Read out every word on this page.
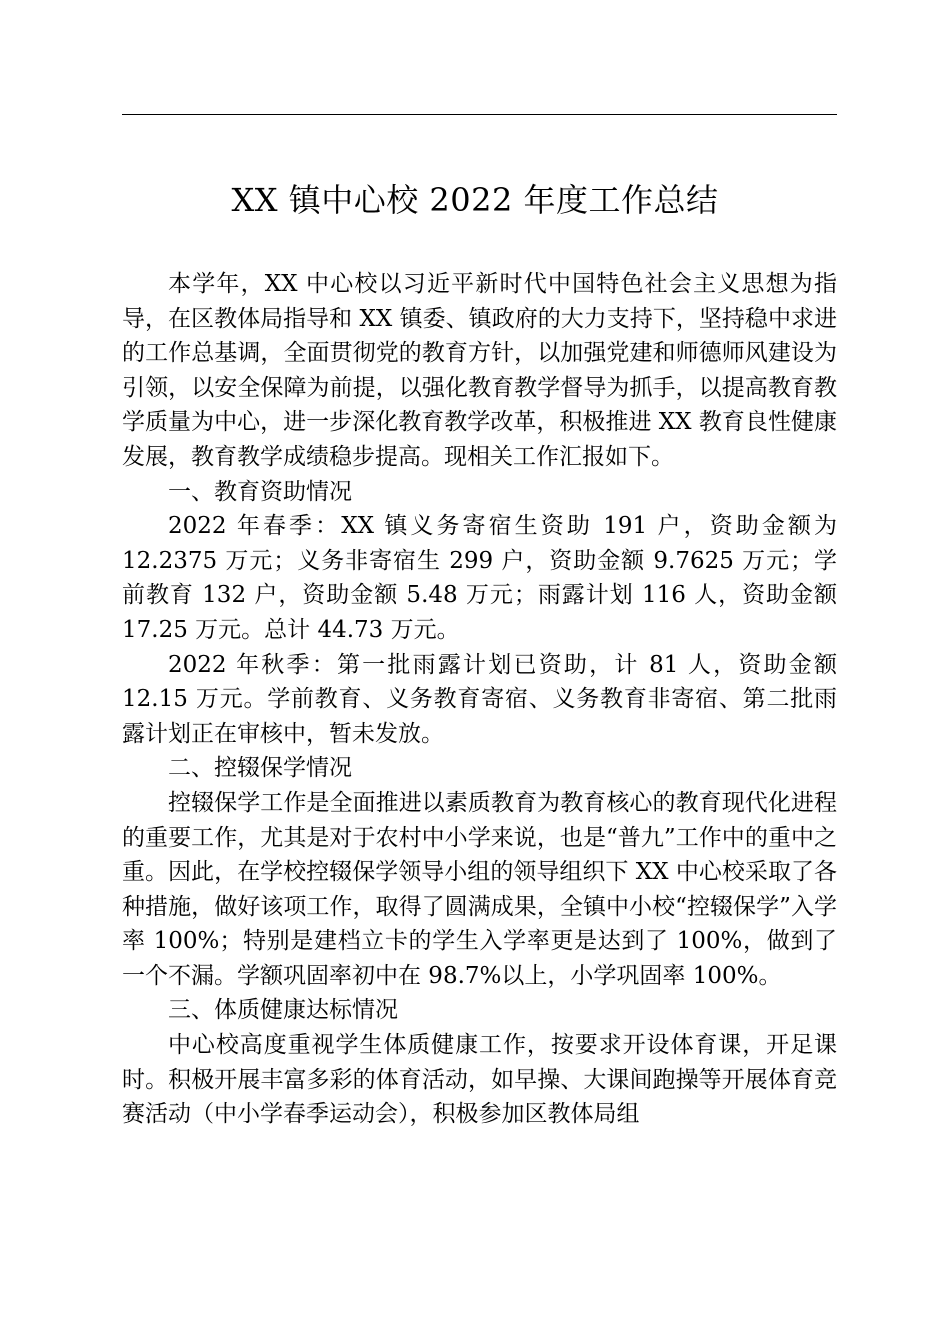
XX 镇中心校 2022 年度工作总结

本学年，XX 中心校以习近平新时代中国特色社会主义思想为指导，在区教体局指导和 XX 镇委、镇政府的大力支持下，坚持稳中求进的工作总基调，全面贯彻党的教育方针，以加强党建和师德师风建设为引领，以安全保障为前提，以强化教育教学督导为抓手，以提高教育教学质量为中心，进一步深化教育教学改革，积极推进 XX 教育良性健康发展，教育教学成绩稳步提高。现相关工作汇报如下。

一、教育资助情况

2022 年春季：XX 镇义务寄宿生资助 191 户，资助金额为 12.2375 万元；义务非寄宿生 299 户，资助金额 9.7625 万元；学前教育 132 户，资助金额 5.48 万元；雨露计划 116 人，资助金额 17.25 万元。总计 44.73 万元。

2022 年秋季：第一批雨露计划已资助，计 81 人，资助金额 12.15 万元。学前教育、义务教育寄宿、义务教育非寄宿、第二批雨露计划正在审核中，暂未发放。

二、控辍保学情况

控辍保学工作是全面推进以素质教育为教育核心的教育现代化进程的重要工作，尤其是对于农村中小学来说，也是“普九”工作中的重中之重。因此，在学校控辍保学领导小组的领导组织下 XX 中心校采取了各种措施，做好该项工作，取得了圆满成果，全镇中小校“控辍保学”入学率 100%；特别是建档立卡的学生入学率更是达到了 100%，做到了一个不漏。学额巩固率初中在 98.7%以上，小学巩固率 100%。

三、体质健康达标情况

中心校高度重视学生体质健康工作，按要求开设体育课，开足课时。积极开展丰富多彩的体育活动，如早操、大课间跑操等开展体育竞赛活动（中小学春季运动会），积极参加区教体局组
